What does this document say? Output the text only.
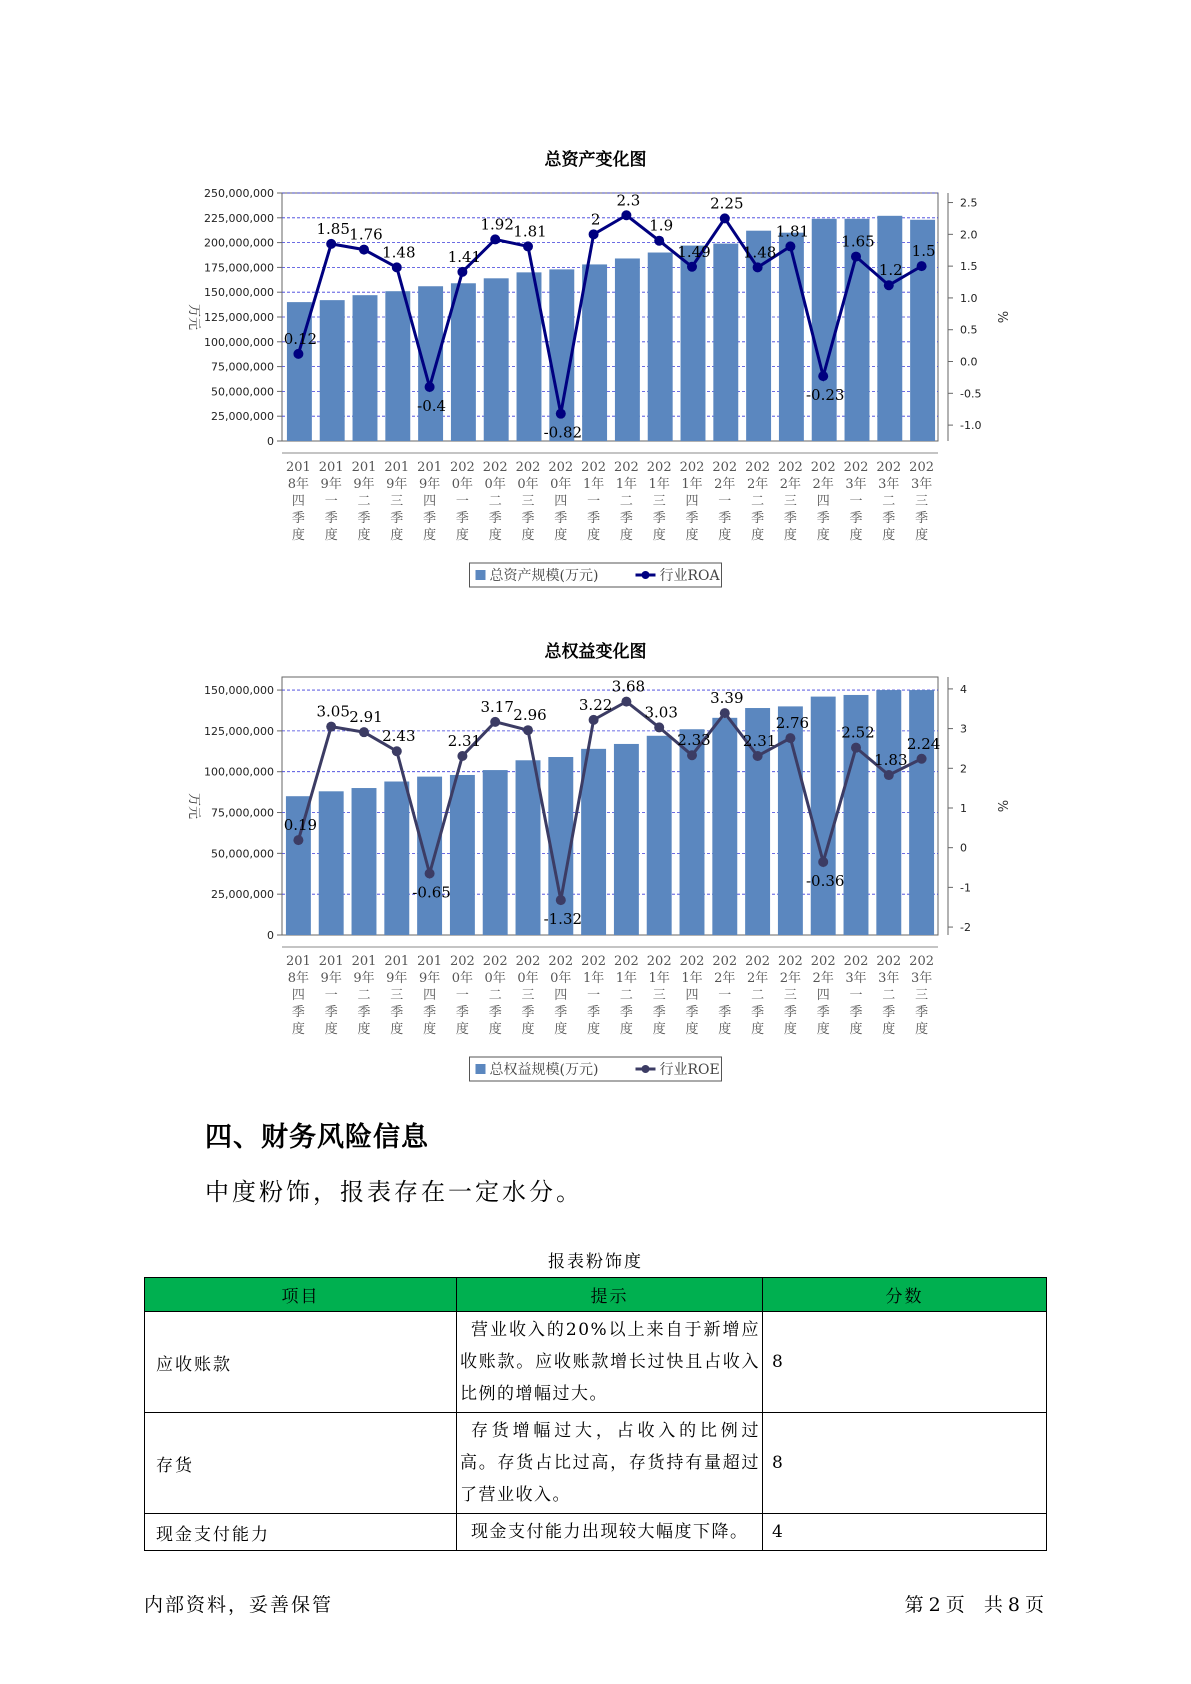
总资产变化图
250,000,000
225,000,000
200,000,000
175,000,000
150,000,000
125,000,000
100,000,000
75,000,000
50,000,000
25,000,000
0
2.5
2.0
1.5
1.0
0.5
0.0
-0.5
-1.0
万元	%
0.12
1.85 1.76
1.48
-0.4
1.41
1.92 1.81
-0.82
2
2.3
1.9
1.49
2.25
1.48
1.81
-0.23
1.65
1.2
1.5
201 8年四季度
201 9年一季度
201 9年二季度
201 9年三季度
201 9年四季度
202 0年一季度
202 0年二季度
202 0年三季度
202 0年四季度
202 1年一季度
202 1年二季度
202 1年三季度
202 1年四季度
202 2年一季度
202 2年二季度
202 2年三季度
202 2年四季度
202 3年一季度
202 3年二季度
202 3年三季度
总资产规模(万元)	行业ROA
总权益变化图
150,000,000
125,000,000
100,000,000
75,000,000
50,000,000
25,000,000
0
4
3
2
1
0
-1
-2
万元	%
0.19
3.05 2.91
2.43
-0.65
2.31
3.17 2.96
-1.32
3.22
3.68
3.03
2.33
3.39
2.31
2.76
-0.36
2.52
1.83
2.24
201 8年四季度
201 9年一季度
201 9年二季度
201 9年三季度
201 9年四季度
202 0年一季度
202 0年二季度
202 0年三季度
202 0年四季度
202 1年一季度
202 1年二季度
202 1年三季度
202 1年四季度
202 2年一季度
202 2年二季度
202 2年三季度
202 2年四季度
202 3年一季度
202 3年二季度
202 3年三季度
总权益规模(万元)	行业ROE
四、财务风险信息
中度粉饰，报表存在一定水分。
报表粉饰度
项目	提示	分数
应收账款	营业收入的20%以上来自于新增应收账款。应收账款增长过快且占收入比例的增幅过大。	8
存货	存货增幅过大，占收入的比例过高。存货占比过高，存货持有量超过了营业收入。	8
现金支付能力	现金支付能力出现较大幅度下降。	4
内部资料，妥善保管	第 2 页 共 8 页
